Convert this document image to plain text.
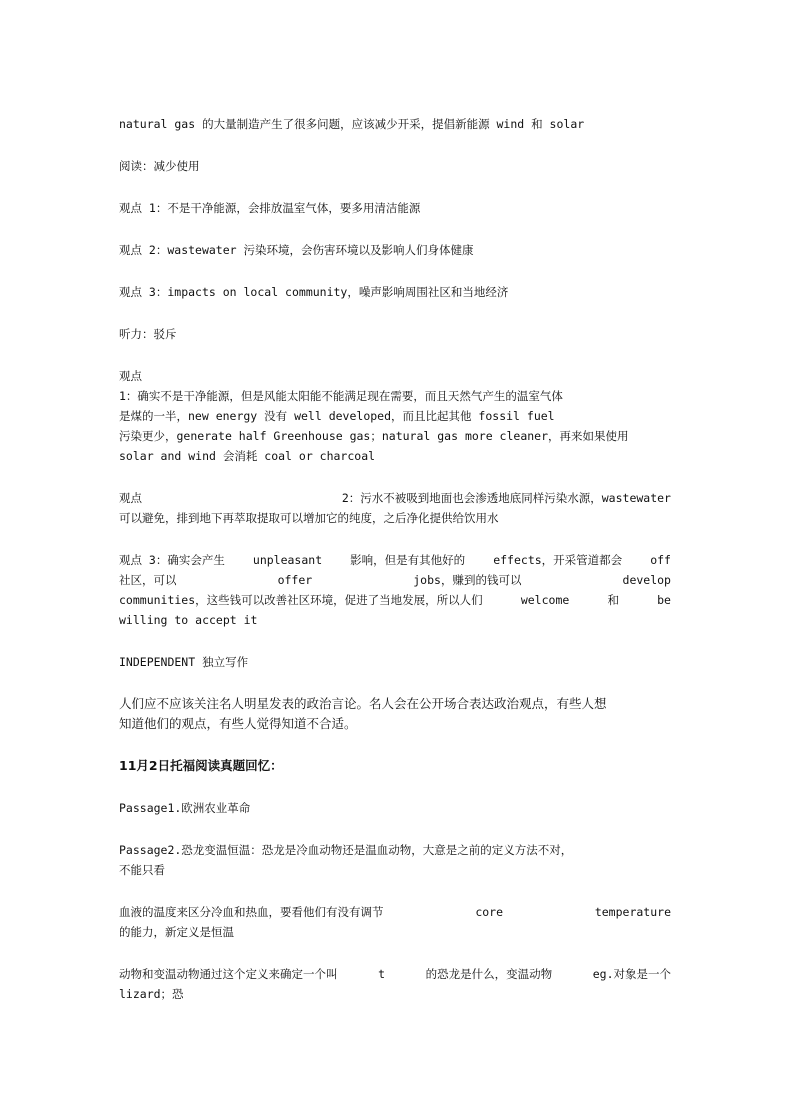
natural gas 的大量制造产生了很多问题，应该减少开采，提倡新能源 wind 和 solar

阅读：减少使用

观点 1：不是干净能源，会排放温室气体，要多用清洁能源

观点 2：wastewater 污染环境，会伤害环境以及影响人们身体健康

观点 3：impacts on local community，噪声影响周围社区和当地经济

听力：驳斥

观点
1：确实不是干净能源，但是风能太阳能不能满足现在需要，而且天然气产生的温室气体
是煤的一半，new energy 没有 well developed，而且比起其他 fossil fuel
污染更少，generate half Greenhouse gas；natural gas more cleaner，再来如果使用
solar and wind 会消耗 coal or charcoal
观点	2：污水不被吸到地面也会渗透地底同样污染水源，wastewater
可以避免，排到地下再萃取提取可以增加它的纯度，之后净化提供给饮用水
观点 3：确实会产生 unpleasant 影响，但是有其他好的 effects，开采管道都会 off
社区，可以	offer	jobs，赚到的钱可以	develop
communities，这些钱可以改善社区环境，促进了当地发展，所以人们	welcome	和	be
willing to accept it

INDEPENDENT 独立写作

人们应不应该关注名人明星发表的政治言论。名人会在公开场合表达政治观点，有些人想
知道他们的观点，有些人觉得知道不合适。

11月2日托福阅读真题回忆：

Passage1.欧洲农业革命

Passage2.恐龙变温恒温：恐龙是冷血动物还是温血动物，大意是之前的定义方法不对，
不能只看
血液的温度来区分冷血和热血，要看他们有没有调节	core	temperature
的能力，新定义是恒温
动物和变温动物通过这个定义来确定一个叫	t	的恐龙是什么，变温动物	eg.对象是一个
lizard；恐
